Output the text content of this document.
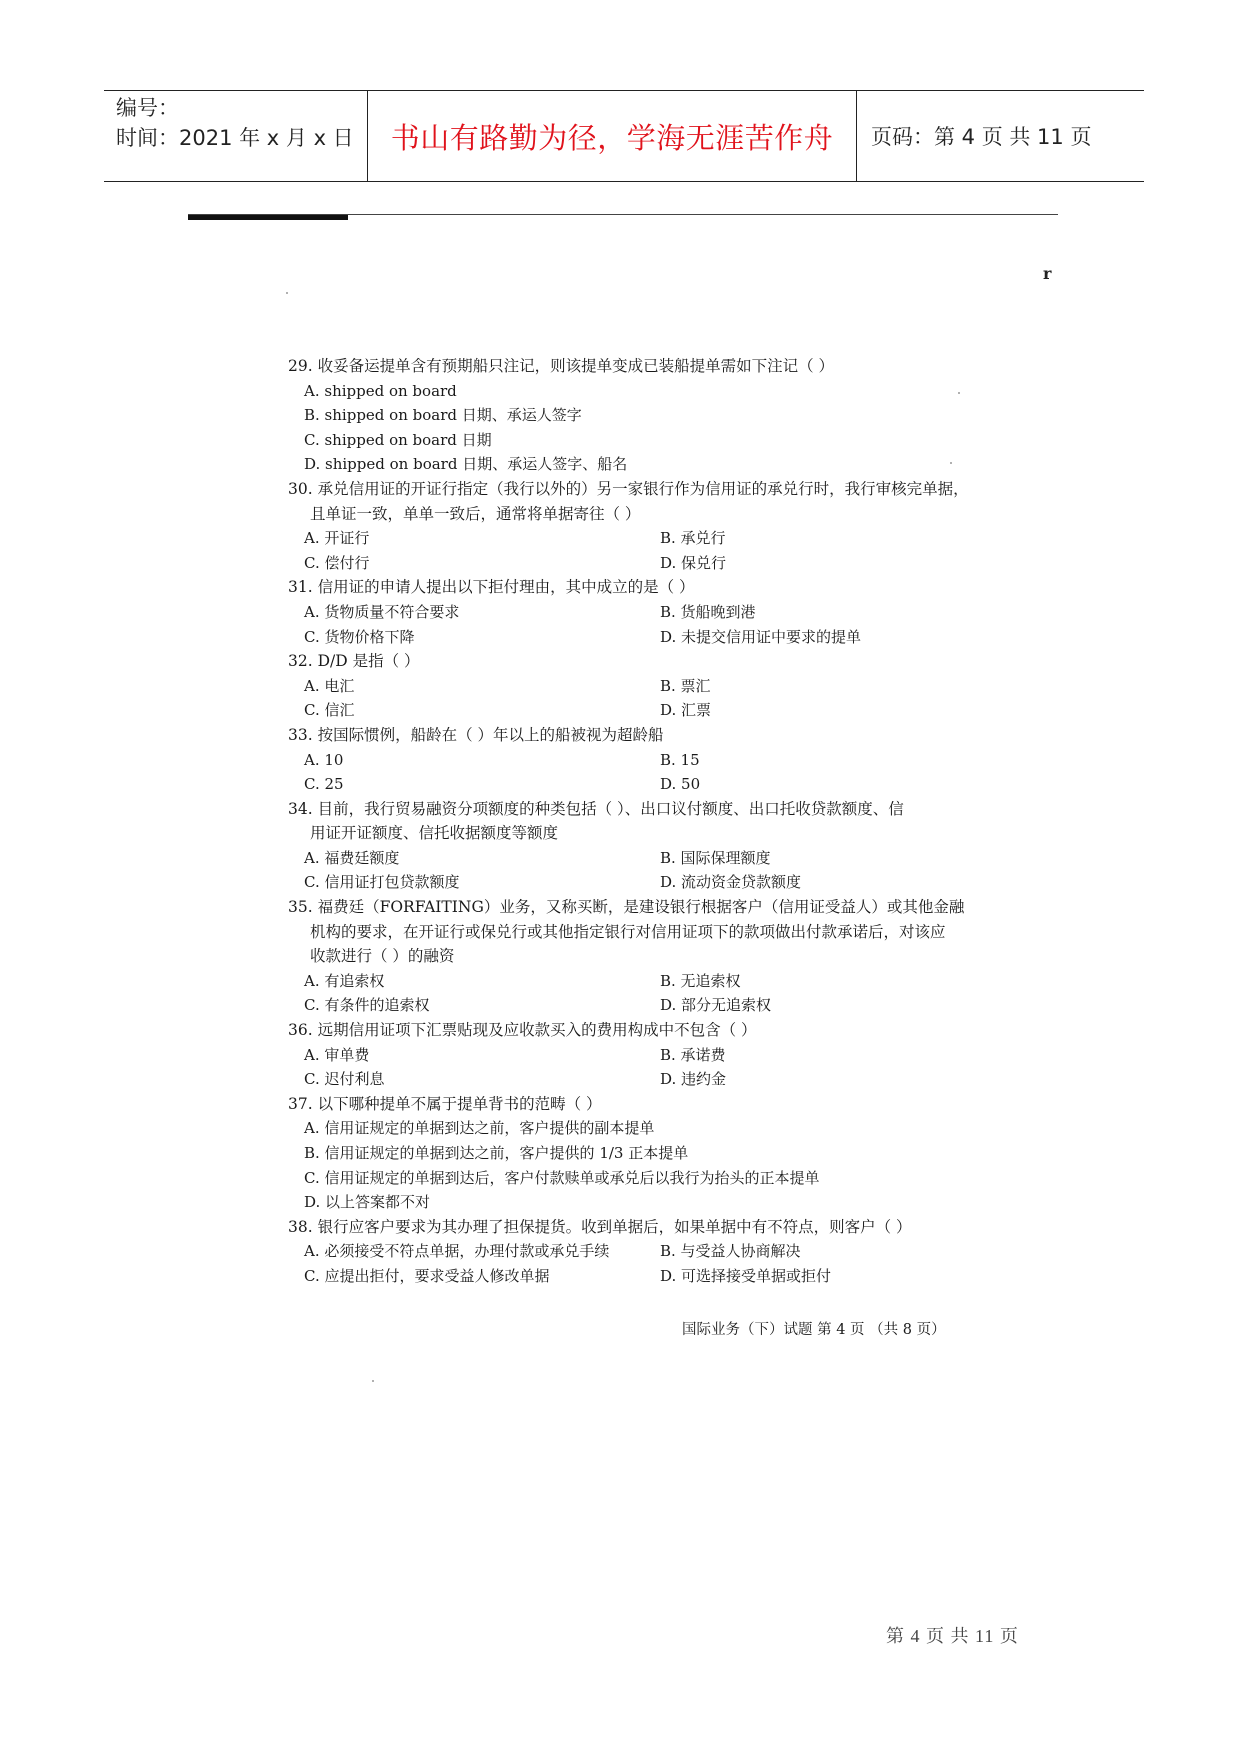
编号：
时间：2021 年 x 月 x 日	书山有路勤为径，学海无涯苦作舟	页码：第 4 页 共 11 页
r
29. 收妥备运提单含有预期船只注记，则该提单变成已装船提单需如下注记（ ）
A. shipped on board
B. shipped on board 日期、承运人签字
C. shipped on board 日期
D. shipped on board 日期、承运人签字、船名
30. 承兑信用证的开证行指定（我行以外的）另一家银行作为信用证的承兑行时，我行审核完单据，
且单证一致，单单一致后，通常将单据寄往（ ）
A. 开证行	B. 承兑行
C. 偿付行	D. 保兑行
31. 信用证的申请人提出以下拒付理由，其中成立的是（ ）
A. 货物质量不符合要求	B. 货船晚到港
C. 货物价格下降	D. 未提交信用证中要求的提单
32. D/D 是指（ ）
A. 电汇	B. 票汇
C. 信汇	D. 汇票
33. 按国际惯例，船龄在（ ）年以上的船被视为超龄船
A. 10	B. 15
C. 25	D. 50
34. 目前，我行贸易融资分项额度的种类包括（ ）、出口议付额度、出口托收贷款额度、信
用证开证额度、信托收据额度等额度
A. 福费廷额度	B. 国际保理额度
C. 信用证打包贷款额度	D. 流动资金贷款额度
35. 福费廷（FORFAITING）业务，又称买断，是建设银行根据客户（信用证受益人）或其他金融
机构的要求，在开证行或保兑行或其他指定银行对信用证项下的款项做出付款承诺后，对该应
收款进行（ ）的融资
A. 有追索权	B. 无追索权
C. 有条件的追索权	D. 部分无追索权
36. 远期信用证项下汇票贴现及应收款买入的费用构成中不包含（ ）
A. 审单费	B. 承诺费
C. 迟付利息	D. 违约金
37. 以下哪种提单不属于提单背书的范畴（ ）
A. 信用证规定的单据到达之前，客户提供的副本提单
B. 信用证规定的单据到达之前，客户提供的 1/3 正本提单
C. 信用证规定的单据到达后，客户付款赎单或承兑后以我行为抬头的正本提单
D. 以上答案都不对
38. 银行应客户要求为其办理了担保提货。收到单据后，如果单据中有不符点，则客户（ ）
A. 必须接受不符点单据，办理付款或承兑手续	B. 与受益人协商解决
C. 应提出拒付，要求受益人修改单据	D. 可选择接受单据或拒付
国际业务（下）试题 第 4 页 （共 8 页）
第 4 页 共 11 页
